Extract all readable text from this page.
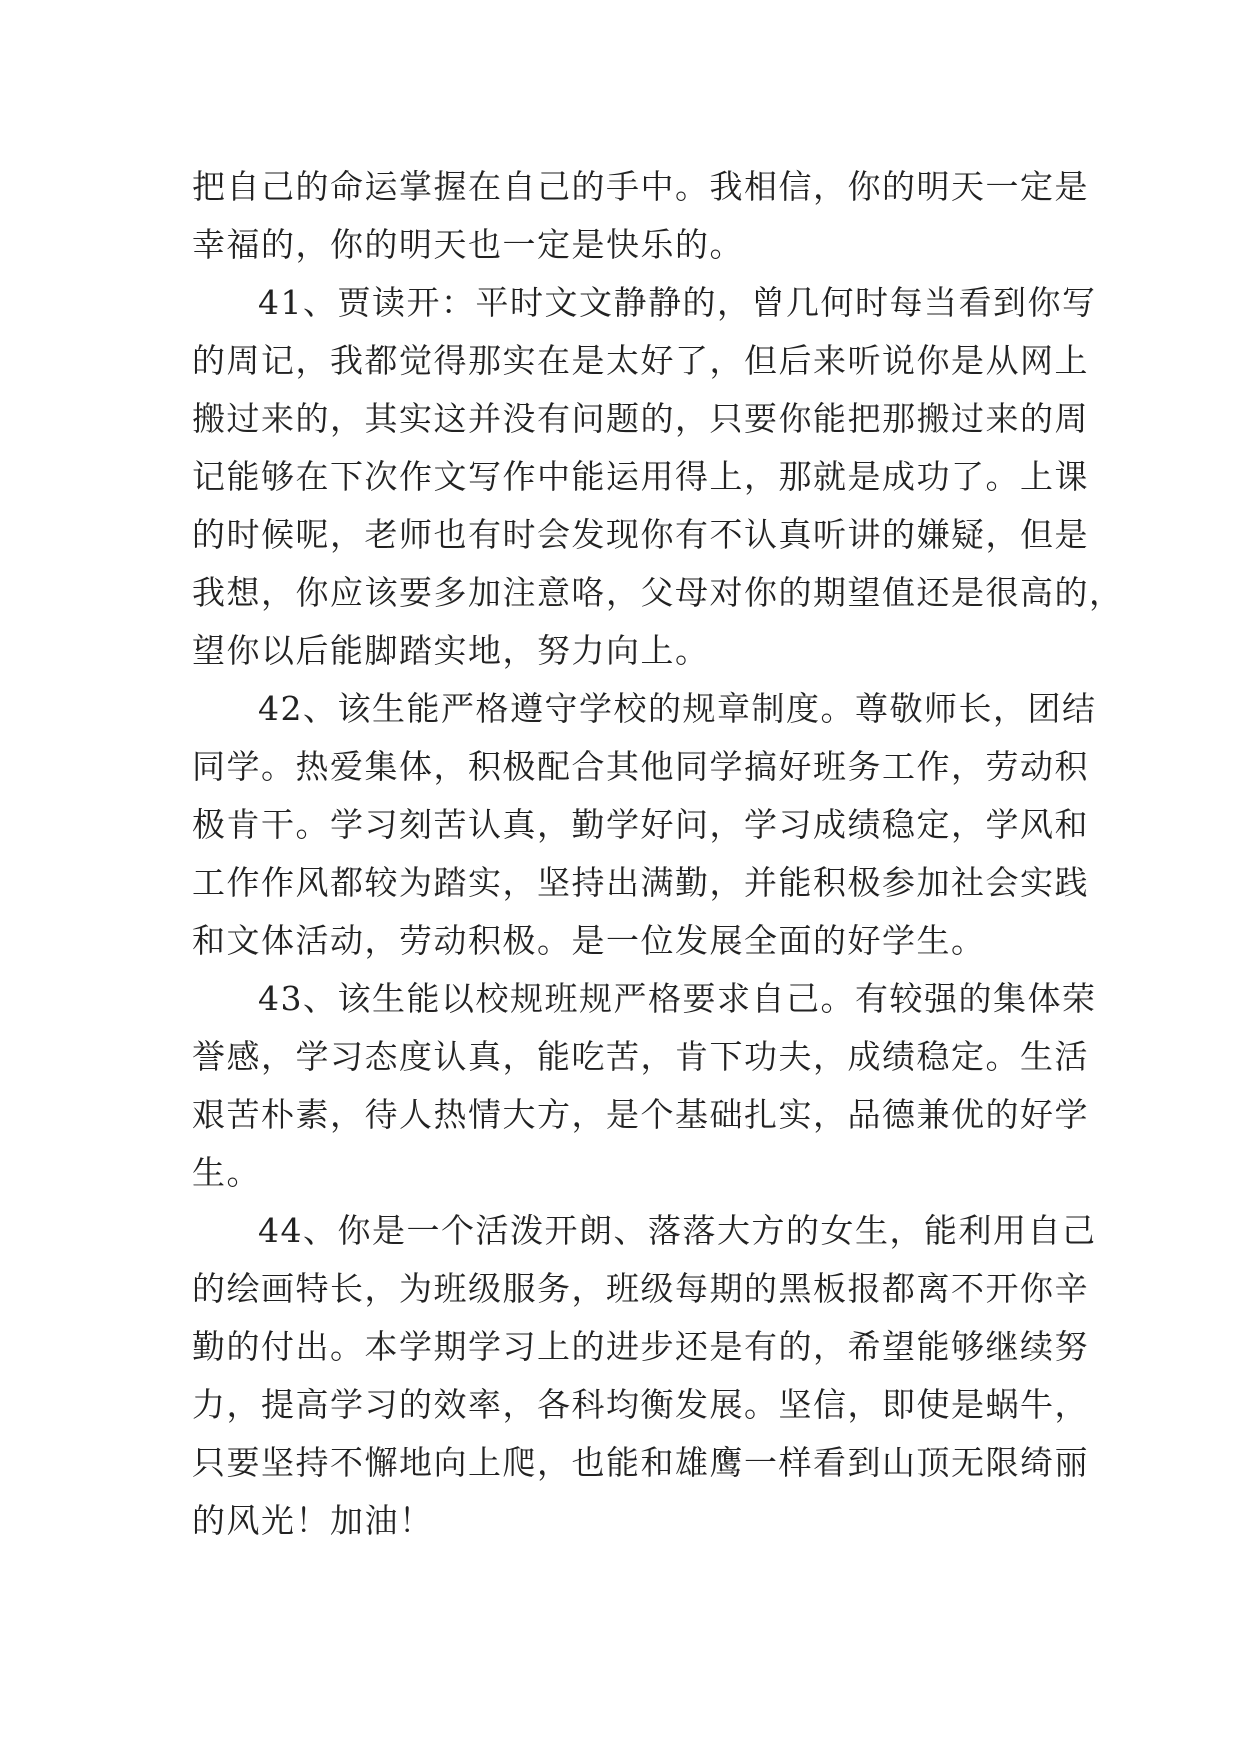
把自己的命运掌握在自己的手中。我相信，你的明天一定是
幸福的，你的明天也一定是快乐的。
41、贾读开：平时文文静静的，曾几何时每当看到你写
的周记，我都觉得那实在是太好了，但后来听说你是从网上
搬过来的，其实这并没有问题的，只要你能把那搬过来的周
记能够在下次作文写作中能运用得上，那就是成功了。上课
的时候呢，老师也有时会发现你有不认真听讲的嫌疑，但是
我想，你应该要多加注意咯，父母对你的期望值还是很高的，
望你以后能脚踏实地，努力向上。
42、该生能严格遵守学校的规章制度。尊敬师长，团结
同学。热爱集体，积极配合其他同学搞好班务工作，劳动积
极肯干。学习刻苦认真，勤学好问，学习成绩稳定，学风和
工作作风都较为踏实，坚持出满勤，并能积极参加社会实践
和文体活动，劳动积极。是一位发展全面的好学生。
43、该生能以校规班规严格要求自己。有较强的集体荣
誉感，学习态度认真，能吃苦，肯下功夫，成绩稳定。生活
艰苦朴素，待人热情大方，是个基础扎实，品德兼优的好学
生。
44、你是一个活泼开朗、落落大方的女生，能利用自己
的绘画特长，为班级服务，班级每期的黑板报都离不开你辛
勤的付出。本学期学习上的进步还是有的，希望能够继续努
力，提高学习的效率，各科均衡发展。坚信，即使是蜗牛，
只要坚持不懈地向上爬，也能和雄鹰一样看到山顶无限绮丽
的风光！加油！
